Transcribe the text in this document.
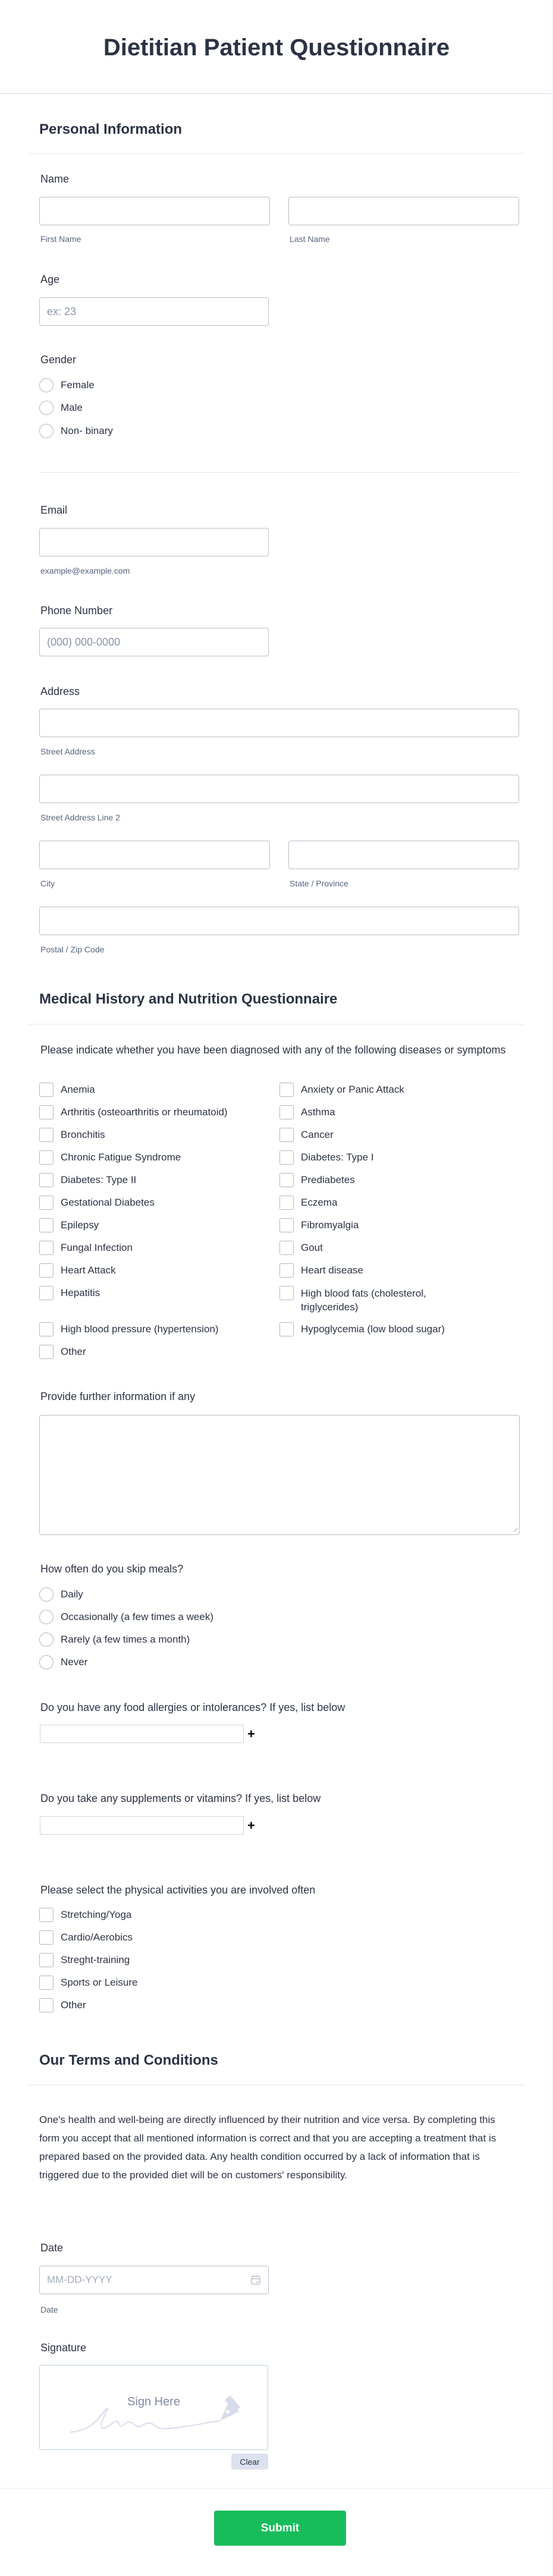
Dietitian Patient Questionnaire
Personal Information
Name
First Name	Last Name
Age
ex: 23
Gender
Female
Male
Non- binary
Email
example@example.com
Phone Number
(000) 000-0000
Address
Street Address
Street Address Line 2
City	State / Province
Postal / Zip Code
Medical History and Nutrition Questionnaire
Please indicate whether you have been diagnosed with any of the following diseases or symptoms
Anemia
Arthritis (osteoarthritis or rheumatoid)
Bronchitis
Chronic Fatigue Syndrome
Diabetes: Type II
Gestational Diabetes
Epilepsy
Fungal Infection
Heart Attack
Hepatitis
High blood pressure (hypertension)
Other
Anxiety or Panic Attack
Asthma
Cancer
Diabetes: Type I
Prediabetes
Eczema
Fibromyalgia
Gout
Heart disease
High blood fats (cholesterol, triglycerides)
Hypoglycemia (low blood sugar)
Provide further information if any
How often do you skip meals?
Daily
Occasionally (a few times a week)
Rarely (a few times a month)
Never
Do you have any food allergies or intolerances? If yes, list below
+
Do you take any supplements or vitamins? If yes, list below
+
Please select the physical activities you are involved often
Stretching/Yoga
Cardio/Aerobics
Streght-training
Sports or Leisure
Other
Our Terms and Conditions
One's health and well-being are directly influenced by their nutrition and vice versa. By completing this form you accept that all mentioned information is correct and that you are accepting a treatment that is prepared based on the provided data. Any health condition occurred by a lack of information that is triggered due to the provided diet will be on customers' responsibility.
Date
MM-DD-YYYY
Date
Signature
Sign Here
Clear
Submit
